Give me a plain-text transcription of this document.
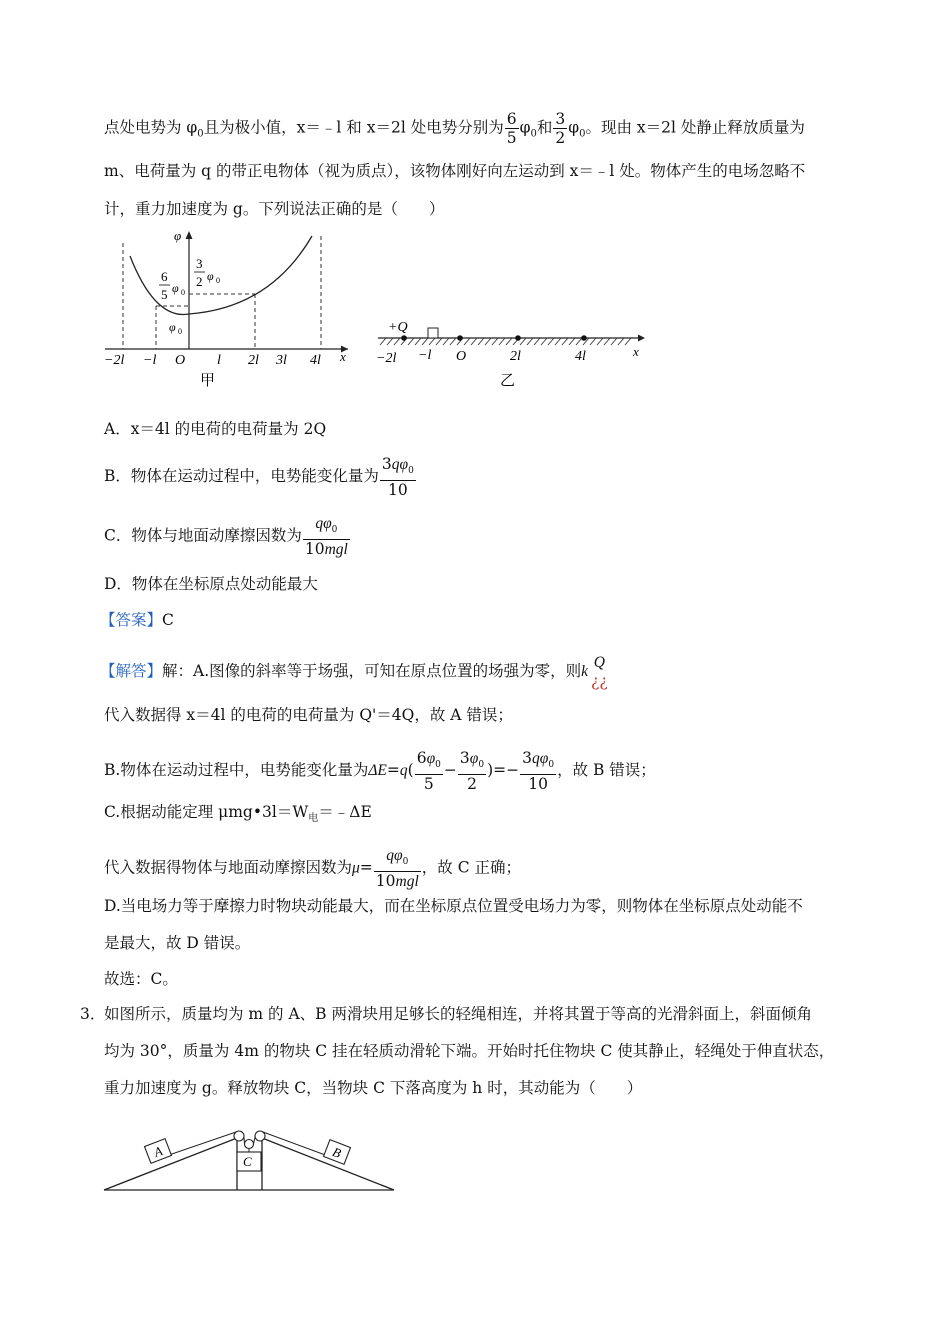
点处电势为 $\varphi_0$且为极小值，x＝﹣l 和 x＝2l 处电势分别为 $\frac{6}{5} \varphi_0$和 $\frac{3}{2} \varphi_0$。现由 x＝2l 处静止释放质量为
m、电荷量为 q 的带正电物体（视为质点），该物体刚好向左运动到 x＝﹣l 处。物体产生的电场忽略不
计，重力加速度为 g。下列说法正确的是（　　）
φ
x
3
2 φ 0
6
5 φ 0
φ 0
−2l −l O l 2l 3l 4l
甲
+Q
x
−2l −l O	2l	4l
乙
A．x＝4l 的电荷的电荷量为 2Q
B．物体在运动过程中，电势能变化量为 $\frac{3q\varphi_0}{10}$
C．物体与地面动摩擦因数为 $\frac{q\varphi_0}{\text{10mgl}}$
D．物体在坐标原点处动能最大
【答案】C
【解答】解：A.图像的斜率等于场强，可知在原点位置的场强为零，则k
Q
¿¿
代入数据得 x＝4l 的电荷的电荷量为 Q'＝4Q，故 A 错误；
B.物体在运动过程中，电势能变化量为$\Delta E=q( \frac{6\varphi_0}{5} - \frac{3\varphi_0}{2}$ )=− $\frac{3q\varphi_0}{10}$ ，故 B 错误；
C.根据动能定理 $\mu mg•3l=W_电=﹣\Delta E$
代入数据得物体与地面动摩擦因数为$\mu= \frac{q\varphi_0}{\text{10mgl}}$ ，故 C 正确；
D.当电场力等于摩擦力时物块动能最大，而在坐标原点位置受电场力为零，则物体在坐标原点处动能不
是最大，故 D 错误。
故选：C。
3．
如图所示，质量均为 m 的 A、B 两滑块用足够长的轻绳相连，并将其置于等高的光滑斜面上，斜面倾角
均为 30°，质量为 4m 的物块 C 挂在轻质动滑轮下端。开始时托住物块 C 使其静止，轻绳处于伸直状态，
重力加速度为 g。释放物块 C，当物块 C 下落高度为 h 时，其动能为（　　）
A	B
C
